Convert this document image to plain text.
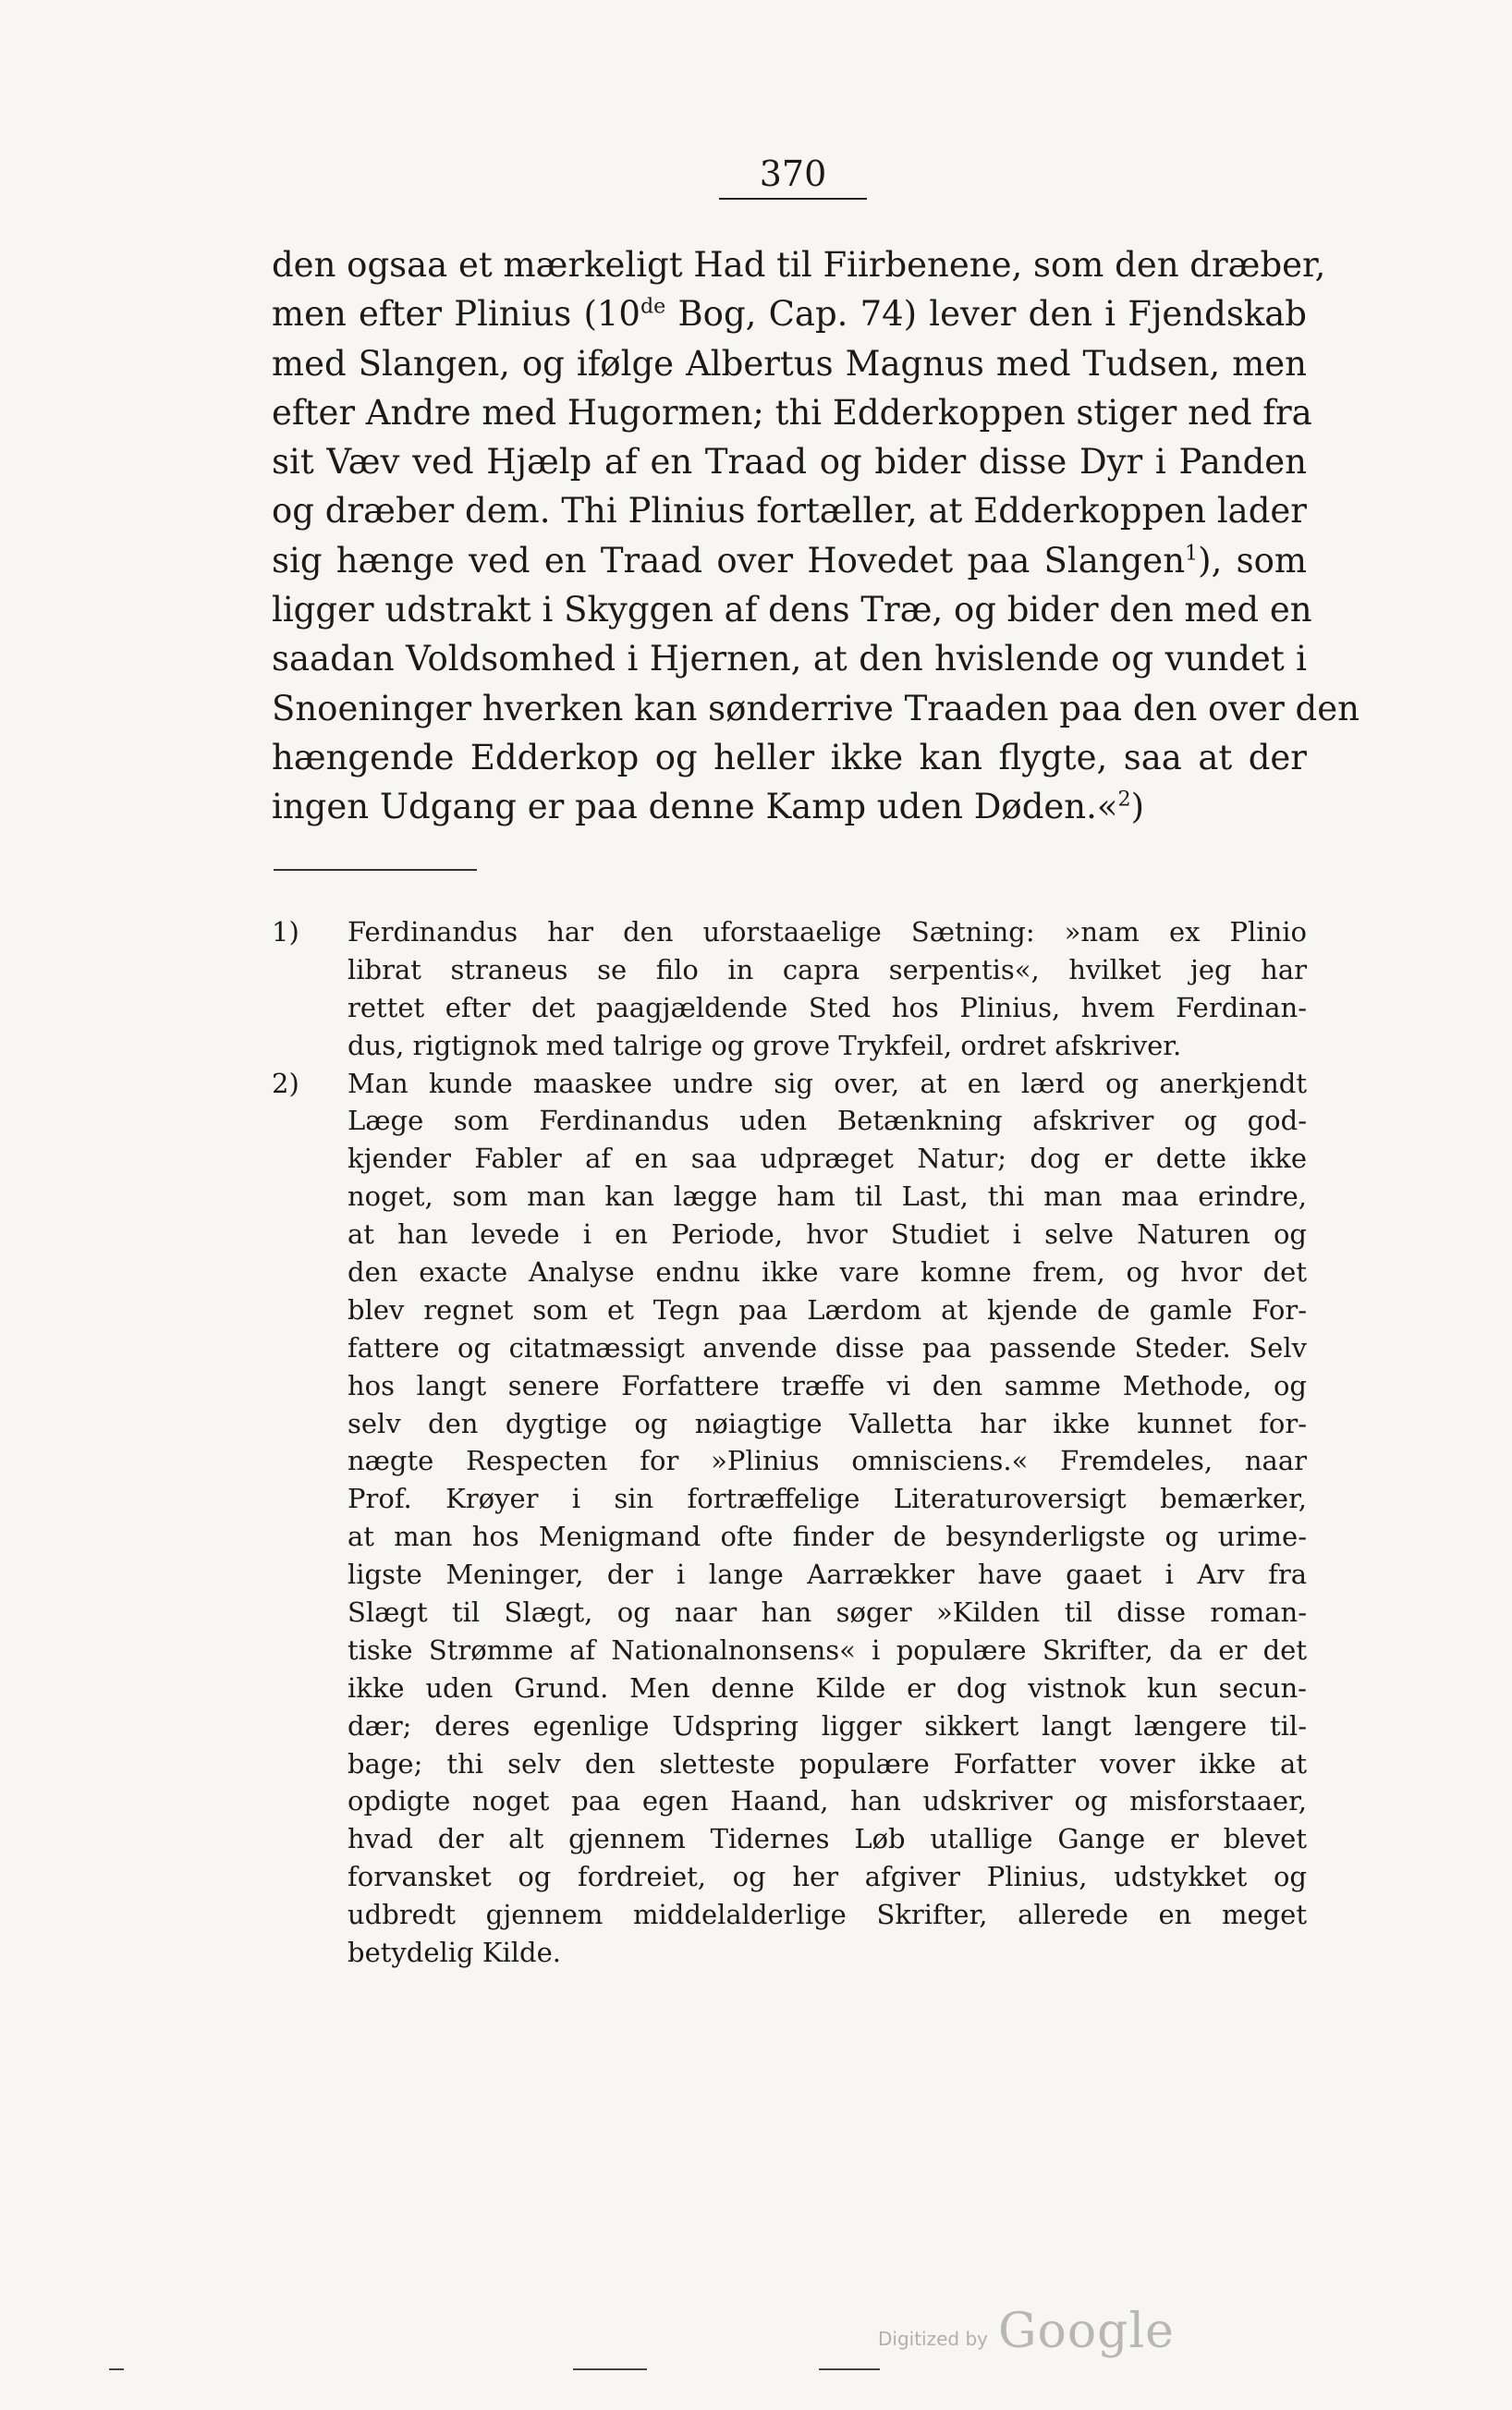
370
den ogsaa et mærkeligt Had til Fiirbenene, som den dræber,
men efter Plinius (10de Bog, Cap. 74) lever den i Fjendskab
med Slangen, og ifølge Albertus Magnus med Tudsen, men
efter Andre med Hugormen; thi Edderkoppen stiger ned fra
sit Væv ved Hjælp af en Traad og bider disse Dyr i Panden
og dræber dem. Thi Plinius fortæller, at Edderkoppen lader
sig hænge ved en Traad over Hovedet paa Slangen$^1$), som
ligger udstrakt i Skyggen af dens Træ, og bider den med en
saadan Voldsomhed i Hjernen, at den hvislende og vundet i
Snoeninger hverken kan sønderrive Traaden paa den over den
hængende Edderkop og heller ikke kan flygte, saa at der
ingen Udgang er paa denne Kamp uden Døden.«$^2$)
1) Ferdinandus har den uforstaaelige Sætning: »nam ex Plinio
librat straneus se filo in capra serpentis«, hvilket jeg har
rettet efter det paagjældende Sted hos Plinius, hvem Ferdinan-
dus, rigtignok med talrige og grove Trykfeil, ordret afskriver.
2) Man kunde maaskee undre sig over, at en lærd og anerkjendt
Læge som Ferdinandus uden Betænkning afskriver og god-
kjender Fabler af en saa udpræget Natur; dog er dette ikke
noget, som man kan lægge ham til Last, thi man maa erindre,
at han levede i en Periode, hvor Studiet i selve Naturen og
den exacte Analyse endnu ikke vare komne frem, og hvor det
blev regnet som et Tegn paa Lærdom at kjende de gamle For-
fattere og citatmæssigt anvende disse paa passende Steder. Selv
hos langt senere Forfattere træffe vi den samme Methode, og
selv den dygtige og nøiagtige Valletta har ikke kunnet for-
nægte Respecten for »Plinius omnisciens.« Fremdeles, naar
Prof. Krøyer i sin fortræffelige Literaturoversigt bemærker,
at man hos Menigmand ofte finder de besynderligste og urime-
ligste Meninger, der i lange Aarrækker have gaaet i Arv fra
Slægt til Slægt, og naar han søger »Kilden til disse roman-
tiske Strømme af Nationalnonsens« i populære Skrifter, da er det
ikke uden Grund. Men denne Kilde er dog vistnok kun secun-
dær; deres egenlige Udspring ligger sikkert langt længere til-
bage; thi selv den sletteste populære Forfatter vover ikke at
opdigte noget paa egen Haand, han udskriver og misforstaaer,
hvad der alt gjennem Tidernes Løb utallige Gange er blevet
forvansket og fordreiet, og her afgiver Plinius, udstykket og
udbredt gjennem middelalderlige Skrifter, allerede en meget
betydelig Kilde.
Digitized by Google
